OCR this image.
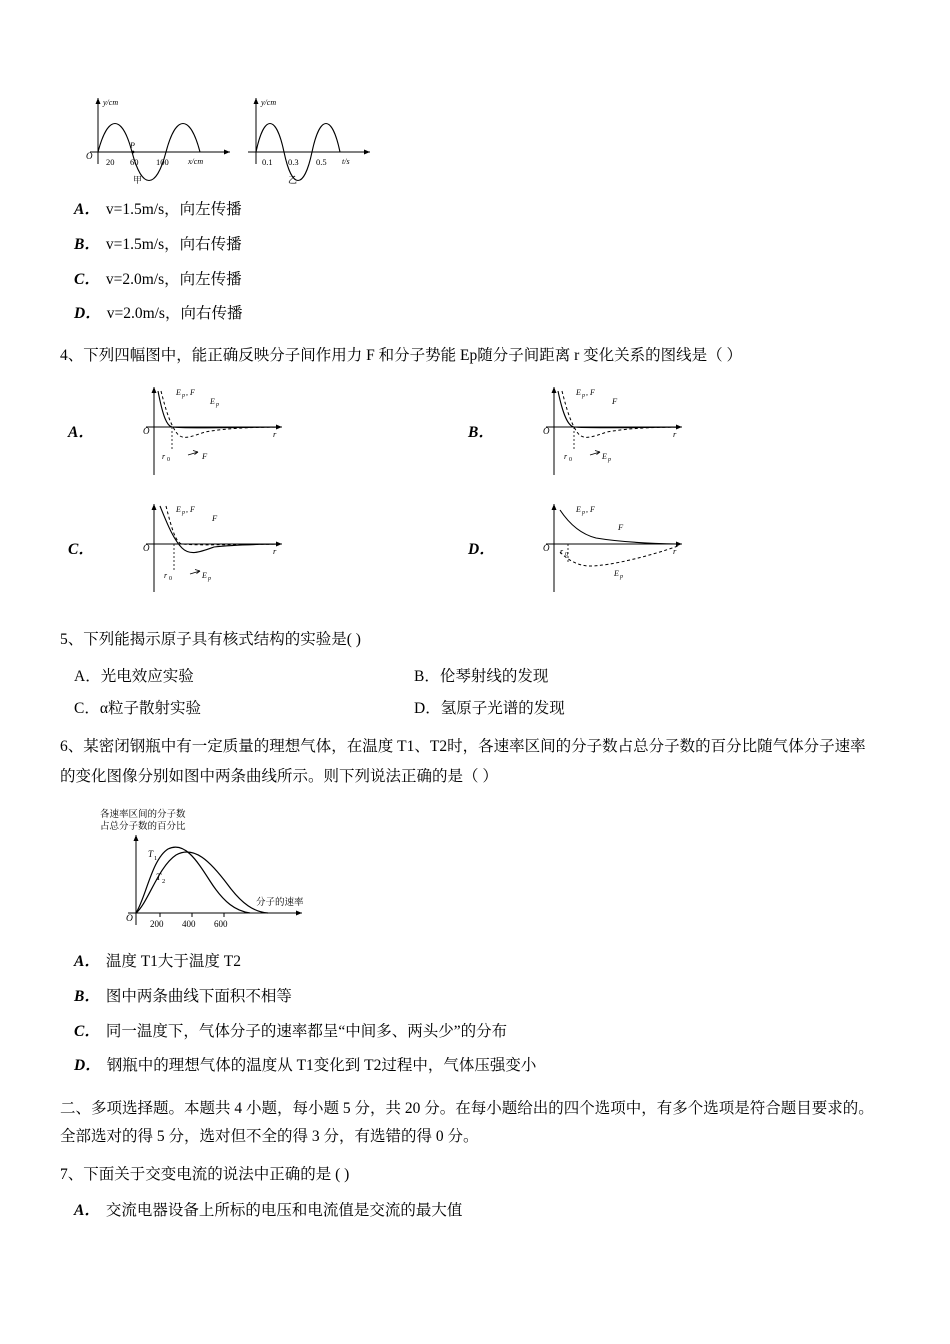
y/cm
O
20 60 100 x/cm
P
甲
y/cm
0.1 0.3 0.5 t/s
乙
A． v=1.5m/s，向左传播
B． v=1.5m/s，向右传播
C． v=2.0m/s，向左传播
D． v=2.0m/s，向右传播
4、下列四幅图中，能正确反映分子间作用力 F 和分子势能 Ep随分子间距离 r 变化关系的图线是（ ）
A．
E p , F
E p
O	r
r 0	F
B．
E p , F
F
O	r
r 0	E p
C．
E p , F
F
O	r
r 0	E p
D．
E p , F
F
O	r
r 0
E p
5、下列能揭示原子具有核式结构的实验是( )
A．光电效应实验	B．伦琴射线的发现
C．α粒子散射实验	D．氢原子光谱的发现
6、某密闭钢瓶中有一定质量的理想气体，在温度 T1、T2时，各速率区间的分子数占总分子数的百分比随气体分子速率
的变化图像分别如图中两条曲线所示。则下列说法正确的是（ ）
各速率区间的分子数
占总分子数的百分比
O 200 400 600
分子的速率
T 1
T 2
A． 温度 T1大于温度 T2
B． 图中两条曲线下面积不相等
C． 同一温度下，气体分子的速率都呈“中间多、两头少”的分布
D． 钢瓶中的理想气体的温度从 T1变化到 T2过程中，气体压强变小
二、多项选择题。本题共 4 小题，每小题 5 分，共 20 分。在每小题给出的四个选项中，有多个选项是符合题目要求的。
全部选对的得 5 分，选对但不全的得 3 分，有选错的得 0 分。
7、下面关于交变电流的说法中正确的是 ( )
A． 交流电器设备上所标的电压和电流值是交流的最大值
